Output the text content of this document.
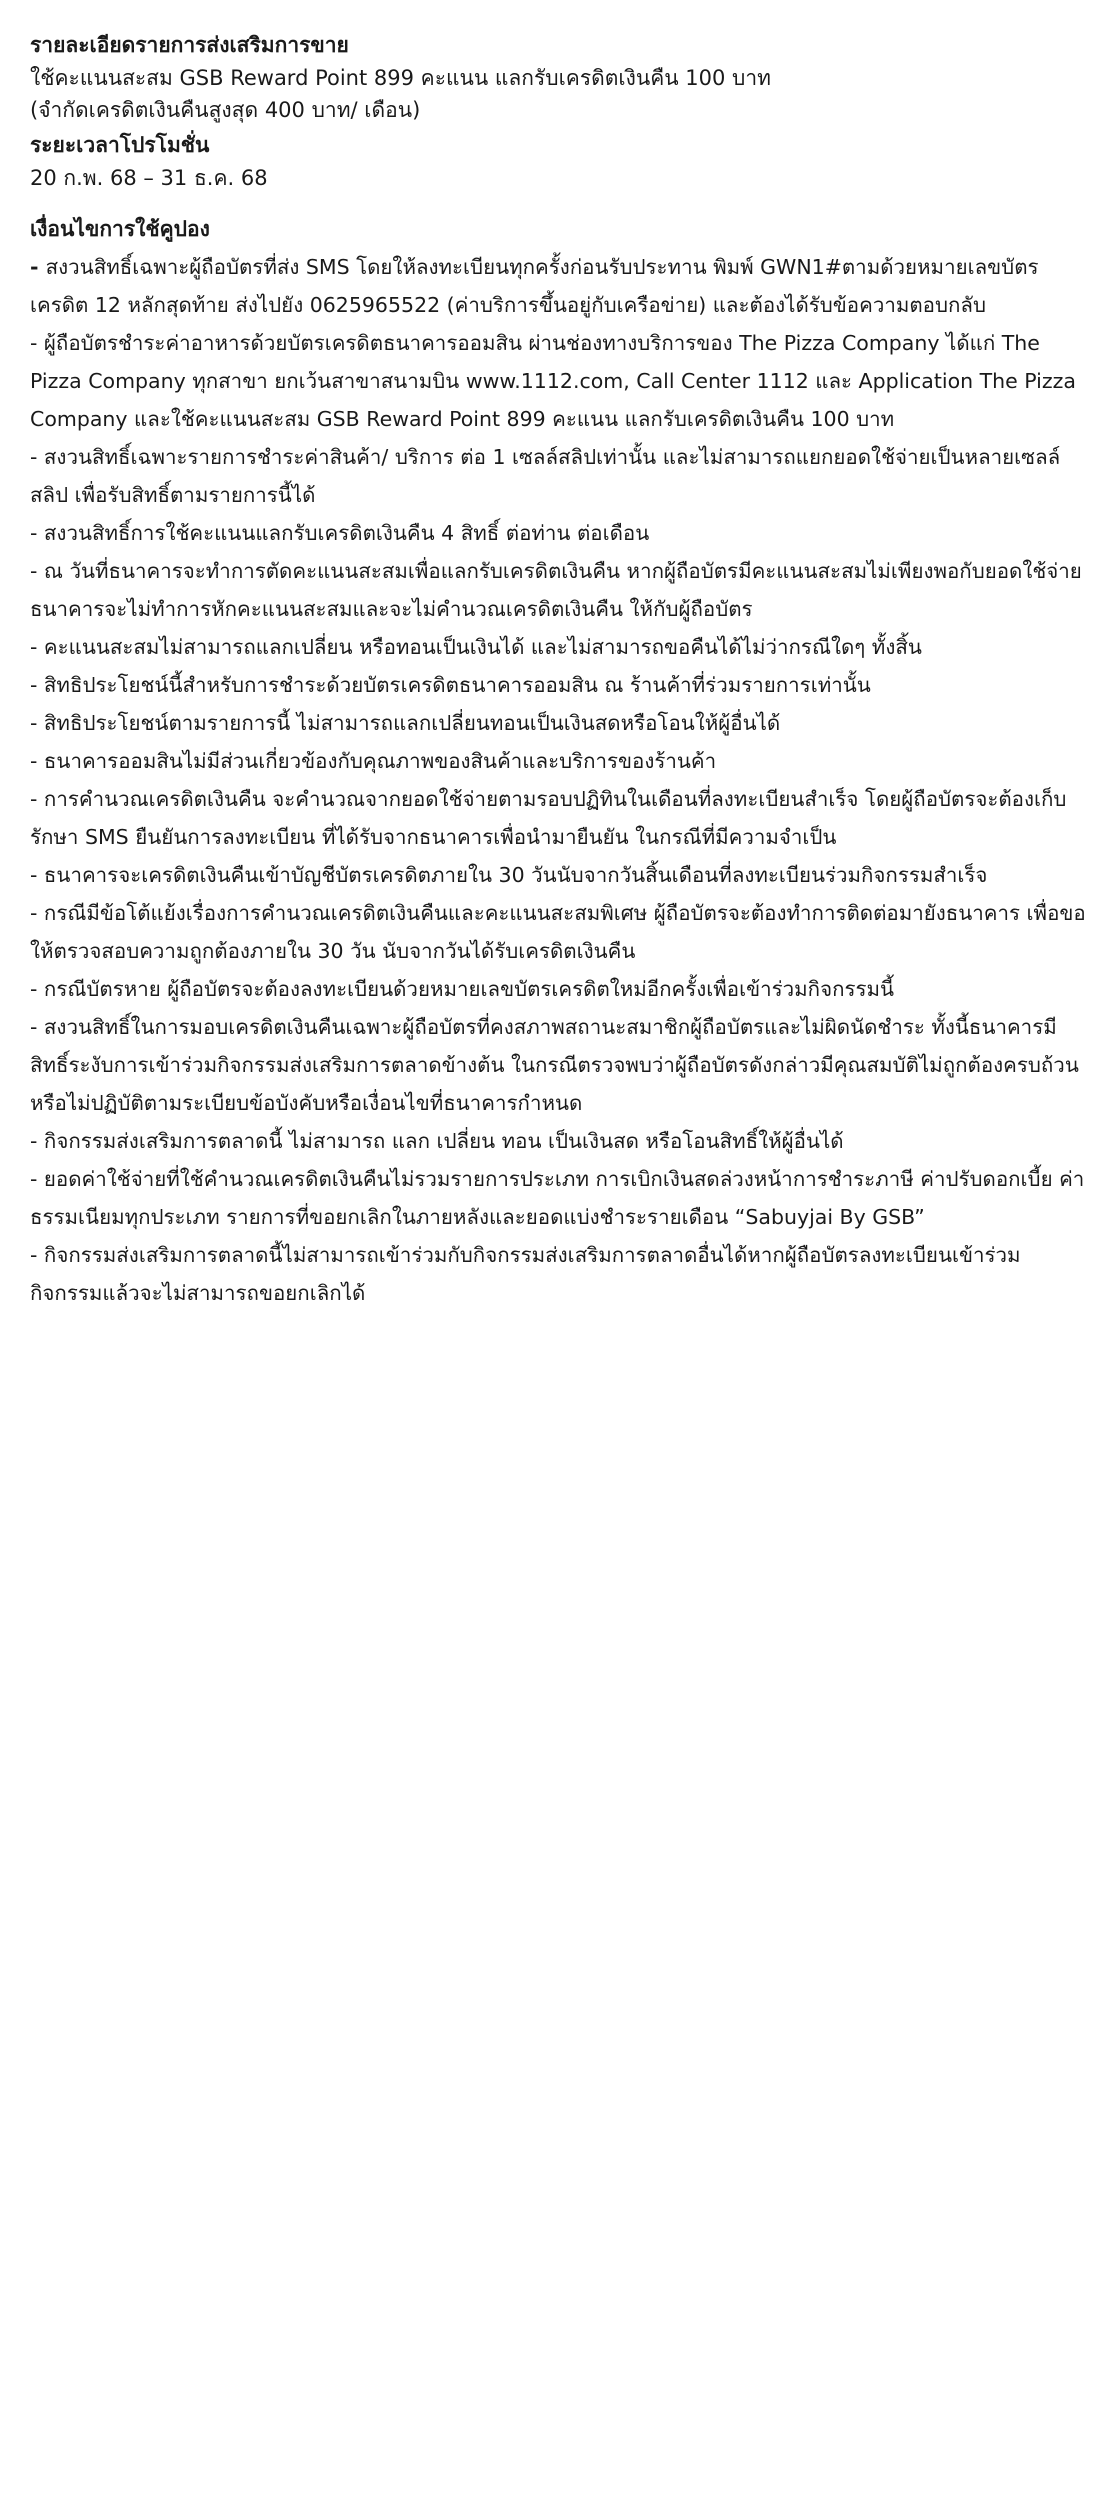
รายละเอียดรายการส่งเสริมการขาย

ใช้คะแนนสะสม GSB Reward Point 899 คะแนน แลกรับเครดิตเงินคืน 100 บาท

(จำกัดเครดิตเงินคืนสูงสุด 400 บาท/ เดือน)

ระยะเวลาโปรโมชั่น

20 ก.พ. 68 – 31 ธ.ค. 68

เงื่อนไขการใช้คูปอง
- สงวนสิทธิ์เฉพาะผู้ถือบัตรที่ส่ง SMS โดยให้ลงทะเบียนทุกครั้งก่อนรับประทาน พิมพ์ GWN1#ตามด้วยหมายเลขบัตรเครดิต 12 หลักสุดท้าย ส่งไปยัง 0625965522 (ค่าบริการขึ้นอยู่กับเครือข่าย) และต้องได้รับข้อความตอบกลับ
- ผู้ถือบัตรชำระค่าอาหารด้วยบัตรเครดิตธนาคารออมสิน ผ่านช่องทางบริการของ The Pizza Company ได้แก่ The Pizza Company ทุกสาขา ยกเว้นสาขาสนามบิน www.1112.com, Call Center 1112 และ Application The Pizza Company และใช้คะแนนสะสม GSB Reward Point 899 คะแนน แลกรับเครดิตเงินคืน 100 บาท
- สงวนสิทธิ์เฉพาะรายการชำระค่าสินค้า/ บริการ ต่อ 1 เซลล์สลิปเท่านั้น และไม่สามารถแยกยอดใช้จ่ายเป็นหลายเซลล์สลิป เพื่อรับสิทธิ์ตามรายการนี้ได้
- สงวนสิทธิ์การใช้คะแนนแลกรับเครดิตเงินคืน 4 สิทธิ์ ต่อท่าน ต่อเดือน
- ณ วันที่ธนาคารจะทำการตัดคะแนนสะสมเพื่อแลกรับเครดิตเงินคืน หากผู้ถือบัตรมีคะแนนสะสมไม่เพียงพอกับยอดใช้จ่าย ธนาคารจะไม่ทำการหักคะแนนสะสมและจะไม่คำนวณเครดิตเงินคืน ให้กับผู้ถือบัตร
- คะแนนสะสมไม่สามารถแลกเปลี่ยน หรือทอนเป็นเงินได้ และไม่สามารถขอคืนได้ไม่ว่ากรณีใดๆ ทั้งสิ้น
- สิทธิประโยชน์นี้สำหรับการชำระด้วยบัตรเครดิตธนาคารออมสิน ณ ร้านค้าที่ร่วมรายการเท่านั้น
- สิทธิประโยชน์ตามรายการนี้ ไม่สามารถแลกเปลี่ยนทอนเป็นเงินสดหรือโอนให้ผู้อื่นได้
- ธนาคารออมสินไม่มีส่วนเกี่ยวข้องกับคุณภาพของสินค้าและบริการของร้านค้า
- การคำนวณเครดิตเงินคืน จะคำนวณจากยอดใช้จ่ายตามรอบปฏิทินในเดือนที่ลงทะเบียนสำเร็จ โดยผู้ถือบัตรจะต้องเก็บรักษา SMS ยืนยันการลงทะเบียน ที่ได้รับจากธนาคารเพื่อนำมายืนยัน ในกรณีที่มีความจำเป็น
- ธนาคารจะเครดิตเงินคืนเข้าบัญชีบัตรเครดิตภายใน 30 วันนับจากวันสิ้นเดือนที่ลงทะเบียนร่วมกิจกรรมสำเร็จ
- กรณีมีข้อโต้แย้งเรื่องการคำนวณเครดิตเงินคืนและคะแนนสะสมพิเศษ ผู้ถือบัตรจะต้องทำการติดต่อมายังธนาคาร เพื่อขอให้ตรวจสอบความถูกต้องภายใน 30 วัน นับจากวันได้รับเครดิตเงินคืน
- กรณีบัตรหาย ผู้ถือบัตรจะต้องลงทะเบียนด้วยหมายเลขบัตรเครดิตใหม่อีกครั้งเพื่อเข้าร่วมกิจกรรมนี้
- สงวนสิทธิ์ในการมอบเครดิตเงินคืนเฉพาะผู้ถือบัตรที่คงสภาพสถานะสมาชิกผู้ถือบัตรและไม่ผิดนัดชำระ ทั้งนี้ธนาคารมีสิทธิ์ระงับการเข้าร่วมกิจกรรมส่งเสริมการตลาดข้างต้น ในกรณีตรวจพบว่าผู้ถือบัตรดังกล่าวมีคุณสมบัติไม่ถูกต้องครบถ้วน หรือไม่ปฏิบัติตามระเบียบข้อบังคับหรือเงื่อนไขที่ธนาคารกำหนด
- กิจกรรมส่งเสริมการตลาดนี้ ไม่สามารถ แลก เปลี่ยน ทอน เป็นเงินสด หรือโอนสิทธิ์ให้ผู้อื่นได้
- ยอดค่าใช้จ่ายที่ใช้คำนวณเครดิตเงินคืนไม่รวมรายการประเภท การเบิกเงินสดล่วงหน้าการชำระภาษี ค่าปรับดอกเบี้ย ค่าธรรมเนียมทุกประเภท รายการที่ขอยกเลิกในภายหลังและยอดแบ่งชำระรายเดือน “Sabuyjai By GSB”
- กิจกรรมส่งเสริมการตลาดนี้ไม่สามารถเข้าร่วมกับกิจกรรมส่งเสริมการตลาดอื่นได้หากผู้ถือบัตรลงทะเบียนเข้าร่วมกิจกรรมแล้วจะไม่สามารถขอยกเลิกได้
